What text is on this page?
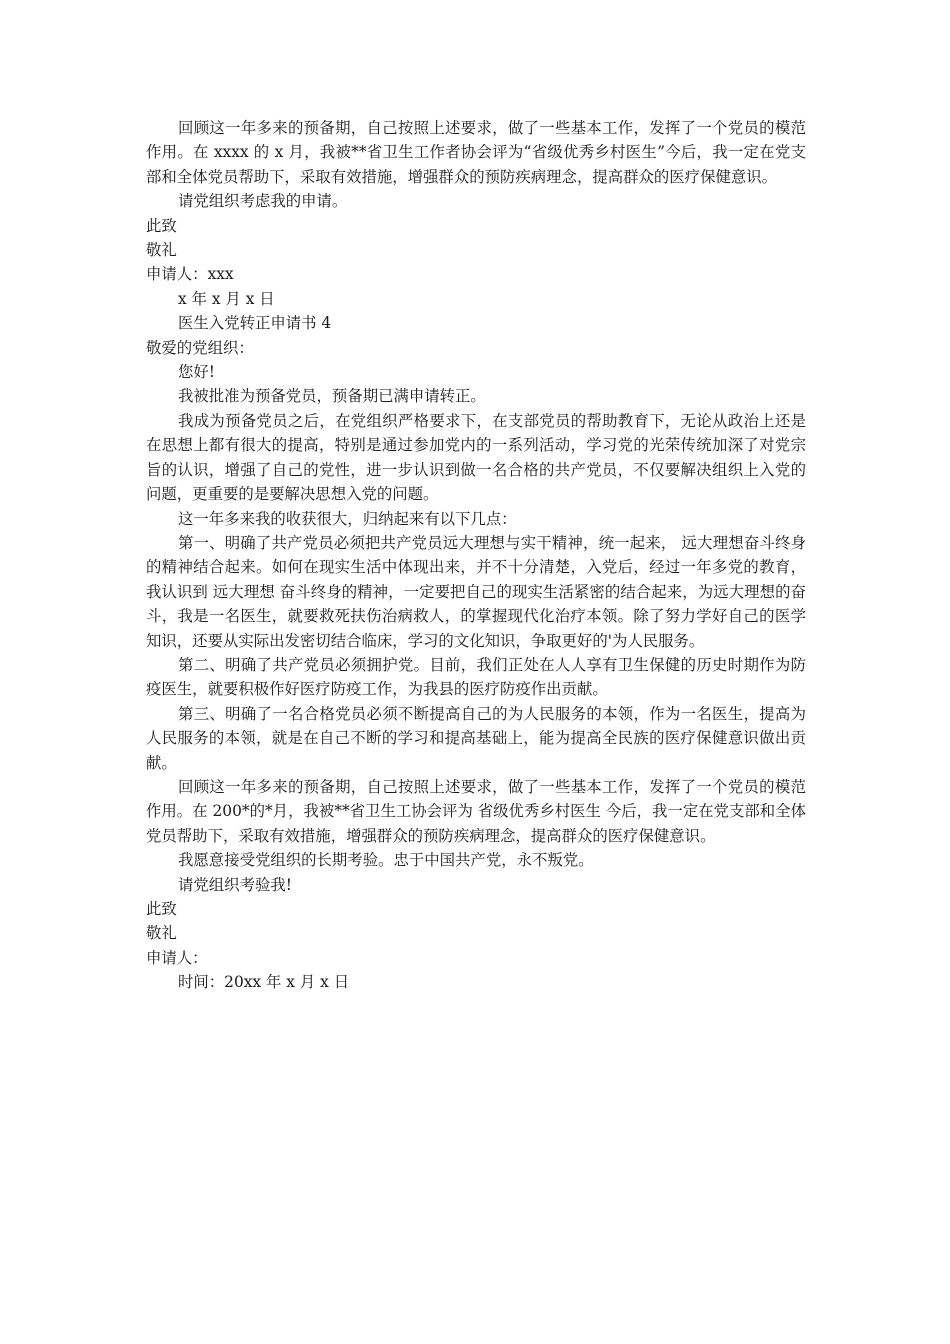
回顾这一年多来的预备期，自己按照上述要求，做了一些基本工作，发挥了一个党员的模范作用。在 xxxx 的 x 月，我被**省卫生工作者协会评为“省级优秀乡村医生”今后，我一定在党支部和全体党员帮助下，采取有效措施，增强群众的预防疾病理念，提高群众的医疗保健意识。

请党组织考虑我的申请。

此致

敬礼

申请人：xxx

x 年 x 月 x 日

医生入党转正申请书 4

敬爱的党组织：

您好!

我被批准为预备党员，预备期已满申请转正。

我成为预备党员之后，在党组织严格要求下，在支部党员的帮助教育下，无论从政治上还是在思想上都有很大的提高，特别是通过参加党内的一系列活动，学习党的光荣传统加深了对党宗旨的认识，增强了自己的党性，进一步认识到做一名合格的共产党员，不仅要解决组织上入党的问题，更重要的是要解决思想入党的问题。

这一年多来我的收获很大，归纳起来有以下几点：

第一、明确了共产党员必须把共产党员远大理想与实干精神，统一起来， 远大理想奋斗终身的精神结合起来。如何在现实生活中体现出来，并不十分清楚，入党后，经过一年多党的教育，我认识到 远大理想 奋斗终身的精神，一定要把自己的现实生活紧密的结合起来，为远大理想的奋斗，我是一名医生，就要救死扶伤治病救人，的掌握现代化治疗本领。除了努力学好自己的医学知识，还要从实际出发密切结合临床，学习的文化知识，争取更好的'为人民服务。

第二、明确了共产党员必须拥护党。目前，我们正处在人人享有卫生保健的历史时期作为防疫医生，就要积极作好医疗防疫工作，为我县的医疗防疫作出贡献。

第三、明确了一名合格党员必须不断提高自己的为人民服务的本领，作为一名医生，提高为人民服务的本领，就是在自己不断的学习和提高基础上，能为提高全民族的医疗保健意识做出贡献。

回顾这一年多来的预备期，自己按照上述要求，做了一些基本工作，发挥了一个党员的模范作用。在 200*的*月，我被**省卫生工协会评为 省级优秀乡村医生 今后，我一定在党支部和全体党员帮助下，采取有效措施，增强群众的预防疾病理念，提高群众的医疗保健意识。

我愿意接受党组织的长期考验。忠于中国共产党，永不叛党。

请党组织考验我!

此致

敬礼

申请人：

时间：20xx 年 x 月 x 日
